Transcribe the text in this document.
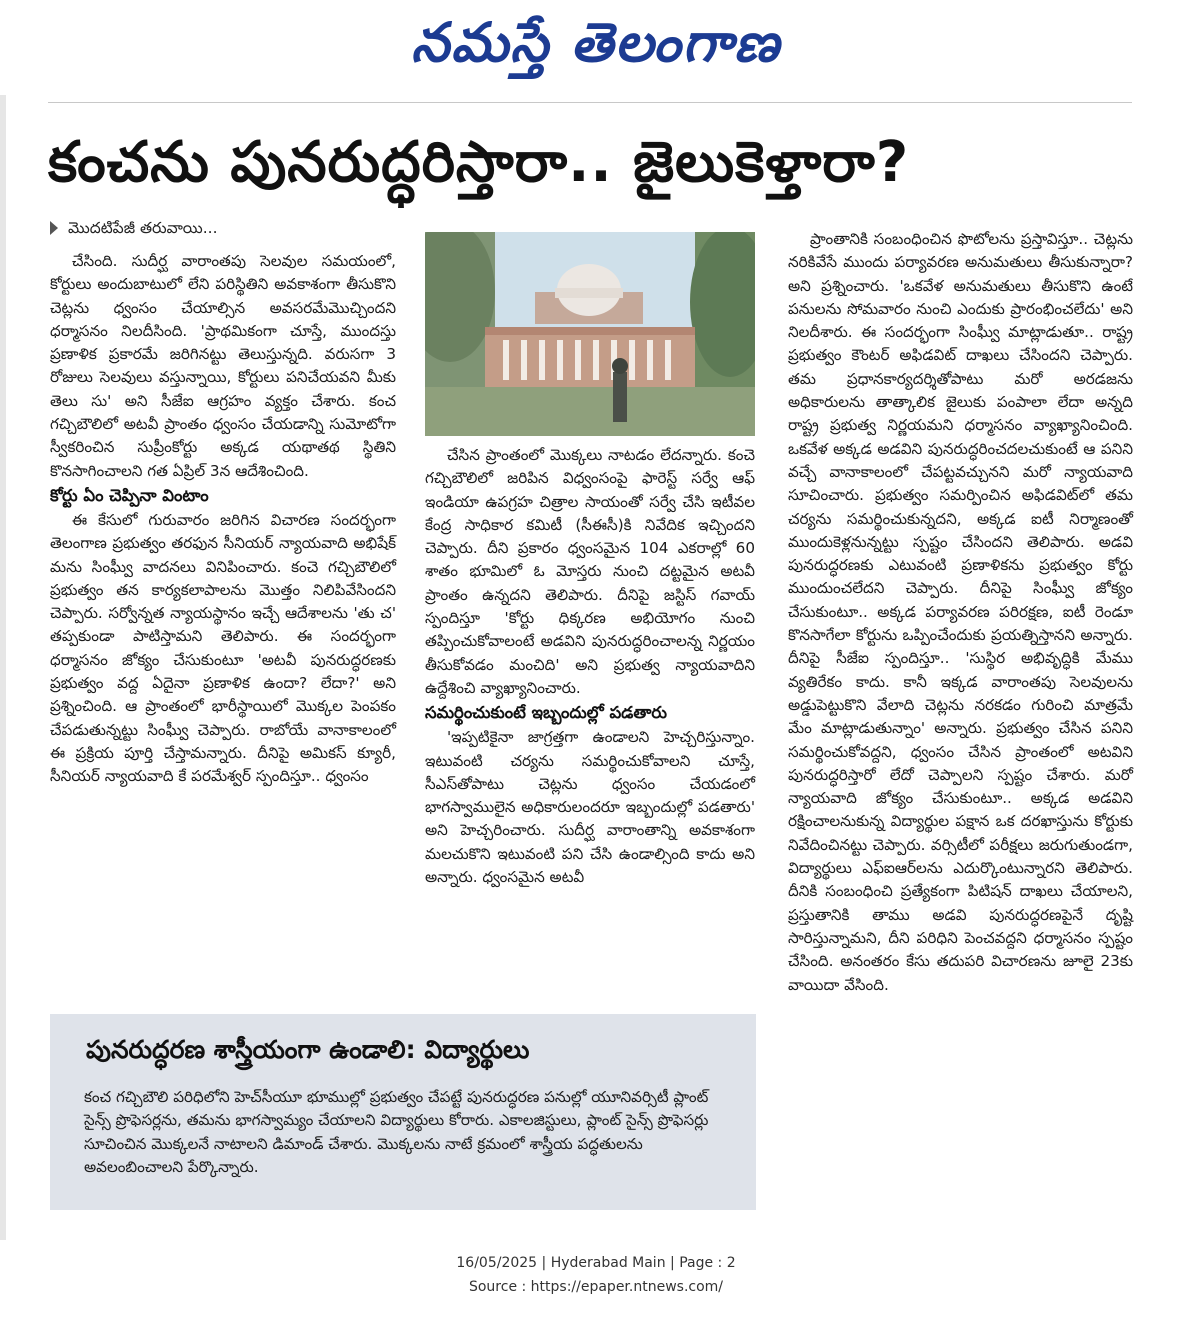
నమస్తే తెలంగాణ
కంచను పునరుద్ధరిస్తారా.. జైలుకెళ్తారా?
మొదటిపేజీ తరువాయి...

చేసింది. సుదీర్ఘ వారాంతపు సెలవుల సమయంలో, కోర్టులు అందుబాటులో లేని పరిస్థితిని అవకాశంగా తీసుకొని చెట్లను ధ్వంసం చేయాల్సిన అవసరమేమొచ్చిందని ధర్మాసనం నిలదీసింది. 'ప్రాథమికంగా చూస్తే, ముందస్తు ప్రణాళిక ప్రకారమే జరిగినట్టు తెలుస్తున్నది. వరుసగా 3 రోజులు సెలవులు వస్తున్నాయి, కోర్టులు పనిచేయవని మీకు తెలు సు' అని సీజేఐ ఆగ్రహం వ్యక్తం చేశారు. కంచ గచ్చిబౌలిలో అటవీ ప్రాంతం ధ్వంసం చేయడాన్ని సుమోటోగా స్వీకరించిన సుప్రీంకోర్టు అక్కడ యథాతథ స్థితిని కొనసాగించాలని గత ఏప్రిల్ 3న ఆదేశించింది.

కోర్టు ఏం చెప్పినా వింటాం

ఈ కేసులో గురువారం జరిగిన విచారణ సందర్భంగా తెలంగాణ ప్రభుత్వం తరఫున సీనియర్ న్యాయవాది అభిషేక్ మను సింఘ్వీ వాదనలు వినిపించారు. కంచె గచ్చిబౌలిలో ప్రభుత్వం తన కార్యకలాపాలను మొత్తం నిలిపివేసిందని చెప్పారు. సర్వోన్నత న్యాయస్థానం ఇచ్చే ఆదేశాలను 'తు చ' తప్పకుండా పాటిస్తామని తెలిపారు. ఈ సందర్భంగా ధర్మాసనం జోక్యం చేసుకుంటూ 'అటవీ పునరుద్ధరణకు ప్రభుత్వం వద్ద ఏదైనా ప్రణాళిక ఉందా? లేదా?' అని ప్రశ్నించింది. ఆ ప్రాంతంలో భారీస్థాయిలో మొక్కల పెంపకం చేపడుతున్నట్టు సింఘ్వీ చెప్పారు. రాబోయే వానాకాలంలో ఈ ప్రక్రియ పూర్తి చేస్తామన్నారు. దీనిపై అమికస్ క్యూరీ, సీనియర్ న్యాయవాది కే పరమేశ్వర్ స్పందిస్తూ.. ధ్వంసం

చేసిన ప్రాంతంలో మొక్కలు నాటడం లేదన్నారు. కంచె గచ్చిబౌలిలో జరిపిన విధ్వంసంపై ఫారెస్ట్ సర్వే ఆఫ్ ఇండియా ఉపగ్రహ చిత్రాల సాయంతో సర్వే చేసి ఇటీవల కేంద్ర సాధికార కమిటీ (సీఈసీ)కి నివేదిక ఇచ్చిందని చెప్పారు. దీని ప్రకారం ధ్వంసమైన 104 ఎకరాల్లో 60 శాతం భూమిలో ఓ మోస్తరు నుంచి దట్టమైన అటవీ ప్రాంతం ఉన్నదని తెలిపారు. దీనిపై జస్టిస్ గవాయ్ స్పందిస్తూ 'కోర్టు ధిక్కరణ అభియోగం నుంచి తప్పించుకోవాలంటే అడవిని పునరుద్ధరించాలన్న నిర్ణయం తీసుకోవడం మంచిది' అని ప్రభుత్వ న్యాయవాదిని ఉద్దేశించి వ్యాఖ్యానించారు.

సమర్థించుకుంటే ఇబ్బందుల్లో పడతారు

'ఇప్పటికైనా జాగ్రత్తగా ఉండాలని హెచ్చరిస్తున్నాం. ఇటువంటి చర్యను సమర్థించుకోవాలని చూస్తే, సీఎస్‌తోపాటు చెట్లను ధ్వంసం చేయడంలో భాగస్వాములైన అధికారులందరూ ఇబ్బందుల్లో పడతారు' అని హెచ్చరించారు. సుదీర్ఘ వారాంతాన్ని అవకాశంగా మలచుకొని ఇటువంటి పని చేసి ఉండాల్సింది కాదు అని అన్నారు. ధ్వంసమైన అటవీ

ప్రాంతానికి సంబంధించిన ఫొటోలను ప్రస్తావిస్తూ.. చెట్లను నరికివేసే ముందు పర్యావరణ అనుమతులు తీసుకున్నారా? అని ప్రశ్నించారు. 'ఒకవేళ అనుమతులు తీసుకొని ఉంటే పనులను సోమవారం నుంచి ఎందుకు ప్రారంభించలేదు' అని నిలదీశారు. ఈ సందర్భంగా సింఘ్వీ మాట్లాడుతూ.. రాష్ట్ర ప్రభుత్వం కౌంటర్ అఫిడవిట్ దాఖలు చేసిందని చెప్పారు. తమ ప్రధానకార్యదర్శితోపాటు మరో అరడజను అధికారులను తాత్కాలిక జైలుకు పంపాలా లేదా అన్నది రాష్ట్ర ప్రభుత్వ నిర్ణయమని ధర్మాసనం వ్యాఖ్యానించింది. ఒకవేళ అక్కడ అడవిని పునరుద్ధరించదలచుకుంటే ఆ పనిని వచ్చే వానాకాలంలో చేపట్టవచ్చునని మరో న్యాయవాది సూచించారు. ప్రభుత్వం సమర్పించిన అఫిడవిట్‌లో తమ చర్యను సమర్థించుకున్నదని, అక్కడ ఐటీ నిర్మాణంతో ముందుకెళ్లనున్నట్టు స్పష్టం చేసిందని తెలిపారు. అడవి పునరుద్ధరణకు ఎటువంటి ప్రణాళికను ప్రభుత్వం కోర్టు ముందుంచలేదని చెప్పారు. దీనిపై సింఘ్వీ జోక్యం చేసుకుంటూ.. అక్కడ పర్యావరణ పరిరక్షణ, ఐటీ రెండూ కొనసాగేలా కోర్టును ఒప్పించేందుకు ప్రయత్నిస్తానని అన్నారు. దీనిపై సీజేఐ స్పందిస్తూ.. 'సుస్థిర అభివృద్ధికి మేము వ్యతిరేకం కాదు. కానీ ఇక్కడ వారాంతపు సెలవులను అడ్డుపెట్టుకొని వేలాది చెట్లను నరకడం గురించి మాత్రమే మేం మాట్లాడుతున్నాం' అన్నారు. ప్రభుత్వం చేసిన పనిని సమర్థించుకోవద్దని, ధ్వంసం చేసిన ప్రాంతంలో అటవిని పునరుద్ధరిస్తారో లేదో చెప్పాలని స్పష్టం చేశారు. మరో న్యాయవాది జోక్యం చేసుకుంటూ.. అక్కడ అడవిని రక్షించాలనుకున్న విద్యార్థుల పక్షాన ఒక దరఖాస్తును కోర్టుకు నివేదించినట్టు చెప్పారు. వర్సిటీలో పరీక్షలు జరుగుతుండగా, విద్యార్థులు ఎఫ్‌ఐఆర్‌లను ఎదుర్కొంటున్నారని తెలిపారు. దీనికి సంబంధించి ప్రత్యేకంగా పిటిషన్ దాఖలు చేయాలని, ప్రస్తుతానికి తాము అడవి పునరుద్ధరణపైనే దృష్టి సారిస్తున్నామని, దీని పరిధిని పెంచవద్దని ధర్మాసనం స్పష్టం చేసింది. అనంతరం కేసు తదుపరి విచారణను జూలై 23కు వాయిదా వేసింది.

పునరుద్ధరణ శాస్త్రీయంగా ఉండాలి: విద్యార్థులు
కంచ గచ్చిబౌలి పరిధిలోని హెచ్‌సీయూ భూముల్లో ప్రభుత్వం చేపట్టే పునరుద్ధరణ పనుల్లో యూనివర్సిటీ ప్లాంట్ సైన్స్ ప్రొఫెసర్లను, తమను భాగస్వామ్యం చేయాలని విద్యార్థులు కోరారు. ఎకాలజిస్టులు, ప్లాంట్ సైన్స్ ప్రొఫెసర్లు సూచించిన మొక్కలనే నాటాలని డిమాండ్ చేశారు. మొక్కలను నాటే క్రమంలో శాస్త్రీయ పద్ధతులను అవలంబించాలని పేర్కొన్నారు.
16/05/2025 | Hyderabad Main | Page : 2
Source : https://epaper.ntnews.com/
